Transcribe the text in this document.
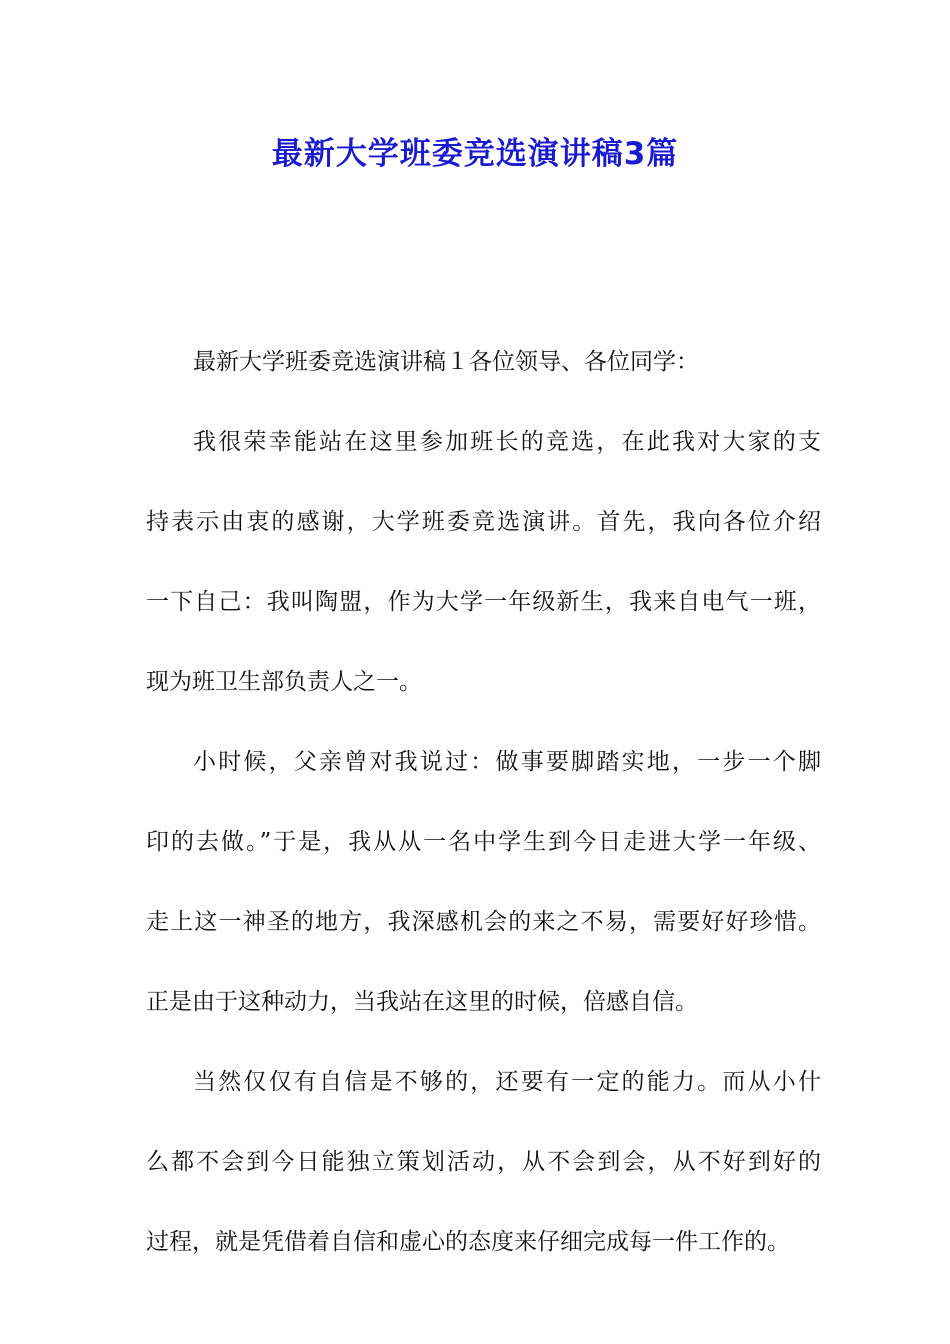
最新大学班委竞选演讲稿3篇
最新大学班委竞选演讲稿１各位领导、各位同学：
我很荣幸能站在这里参加班长的竞选，在此我对大家的支
持表示由衷的感谢，大学班委竞选演讲。首先，我向各位介绍
一下自己：我叫陶盟，作为大学一年级新生，我来自电气一班，
现为班卫生部负责人之一。
小时候，父亲曾对我说过：做事要脚踏实地，一步一个脚
印的去做。”于是，我从从一名中学生到今日走进大学一年级、
走上这一神圣的地方，我深感机会的来之不易，需要好好珍惜。
正是由于这种动力，当我站在这里的时候，倍感自信。
当然仅仅有自信是不够的，还要有一定的能力。而从小什
么都不会到今日能独立策划活动，从不会到会，从不好到好的
过程，就是凭借着自信和虚心的态度来仔细完成每一件工作的。
